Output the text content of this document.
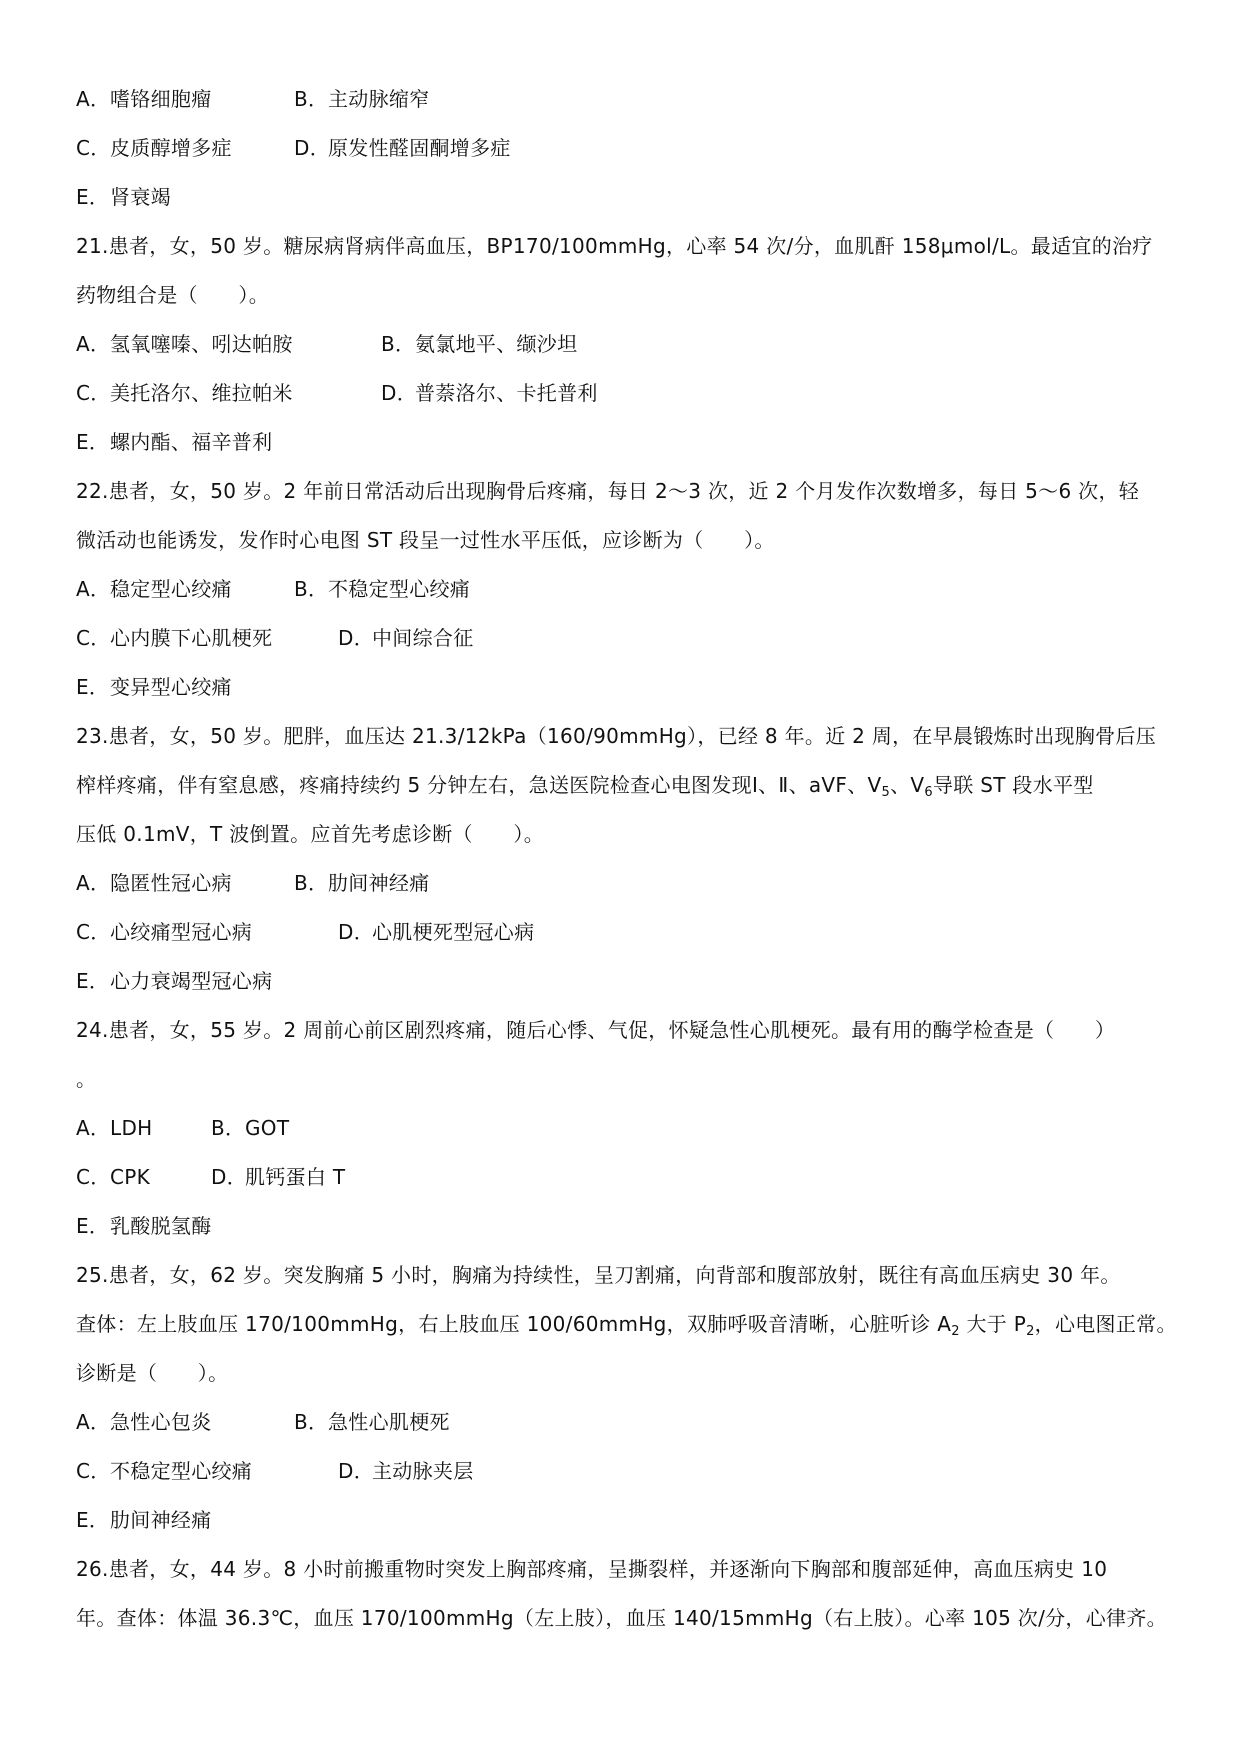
A．嗜铬细胞瘤	B．主动脉缩窄
C．皮质醇增多症	D．原发性醛固酮增多症
E．肾衰竭
21.患者，女，50 岁。糖尿病肾病伴高血压，BP170/100mmHg，心率 54 次/分，血肌酐 158μmol/L。最适宜的治疗
药物组合是（　　）。
A．氢氧噻嗪、吲达帕胺	B．氨氯地平、缬沙坦
C．美托洛尔、维拉帕米	D．普萘洛尔、卡托普利
E．螺内酯、福辛普利
22.患者，女，50 岁。2 年前日常活动后出现胸骨后疼痛，每日 2～3 次，近 2 个月发作次数增多，每日 5～6 次，轻
微活动也能诱发，发作时心电图 ST 段呈一过性水平压低，应诊断为（　　）。
A．稳定型心绞痛	B．不稳定型心绞痛
C．心内膜下心肌梗死	D．中间综合征
E．变异型心绞痛
23.患者，女，50 岁。肥胖，血压达 21.3/12kPa（160/90mmHg），已经 8 年。近 2 周，在早晨锻炼时出现胸骨后压
榨样疼痛，伴有窒息感，疼痛持续约 5 分钟左右，急送医院检查心电图发现Ⅰ、Ⅱ、aVF、$V_5$、$V_6$导联 ST 段水平型
压低 0.1mV，T 波倒置。应首先考虑诊断（　　）。
A．隐匿性冠心病	B．肋间神经痛
C．心绞痛型冠心病	D．心肌梗死型冠心病
E．心力衰竭型冠心病
24.患者，女，55 岁。2 周前心前区剧烈疼痛，随后心悸、气促，怀疑急性心肌梗死。最有用的酶学检查是（　　）
。
A．LDH	B．GOT
C．CPK	D．肌钙蛋白 T
E．乳酸脱氢酶
25.患者，女，62 岁。突发胸痛 5 小时，胸痛为持续性，呈刀割痛，向背部和腹部放射，既往有高血压病史 30 年。
查体：左上肢血压 170/100mmHg，右上肢血压 100/60mmHg，双肺呼吸音清晰，心脏听诊 $A_2$ 大于 $P_2$，心电图正常。
诊断是（　　）。
A．急性心包炎	B．急性心肌梗死
C．不稳定型心绞痛	D．主动脉夹层
E．肋间神经痛
26.患者，女，44 岁。8 小时前搬重物时突发上胸部疼痛，呈撕裂样，并逐渐向下胸部和腹部延伸，高血压病史 10
年。查体：体温 36.3℃，血压 170/100mmHg（左上肢），血压 140/15mmHg（右上肢）。心率 105 次/分，心律齐。
